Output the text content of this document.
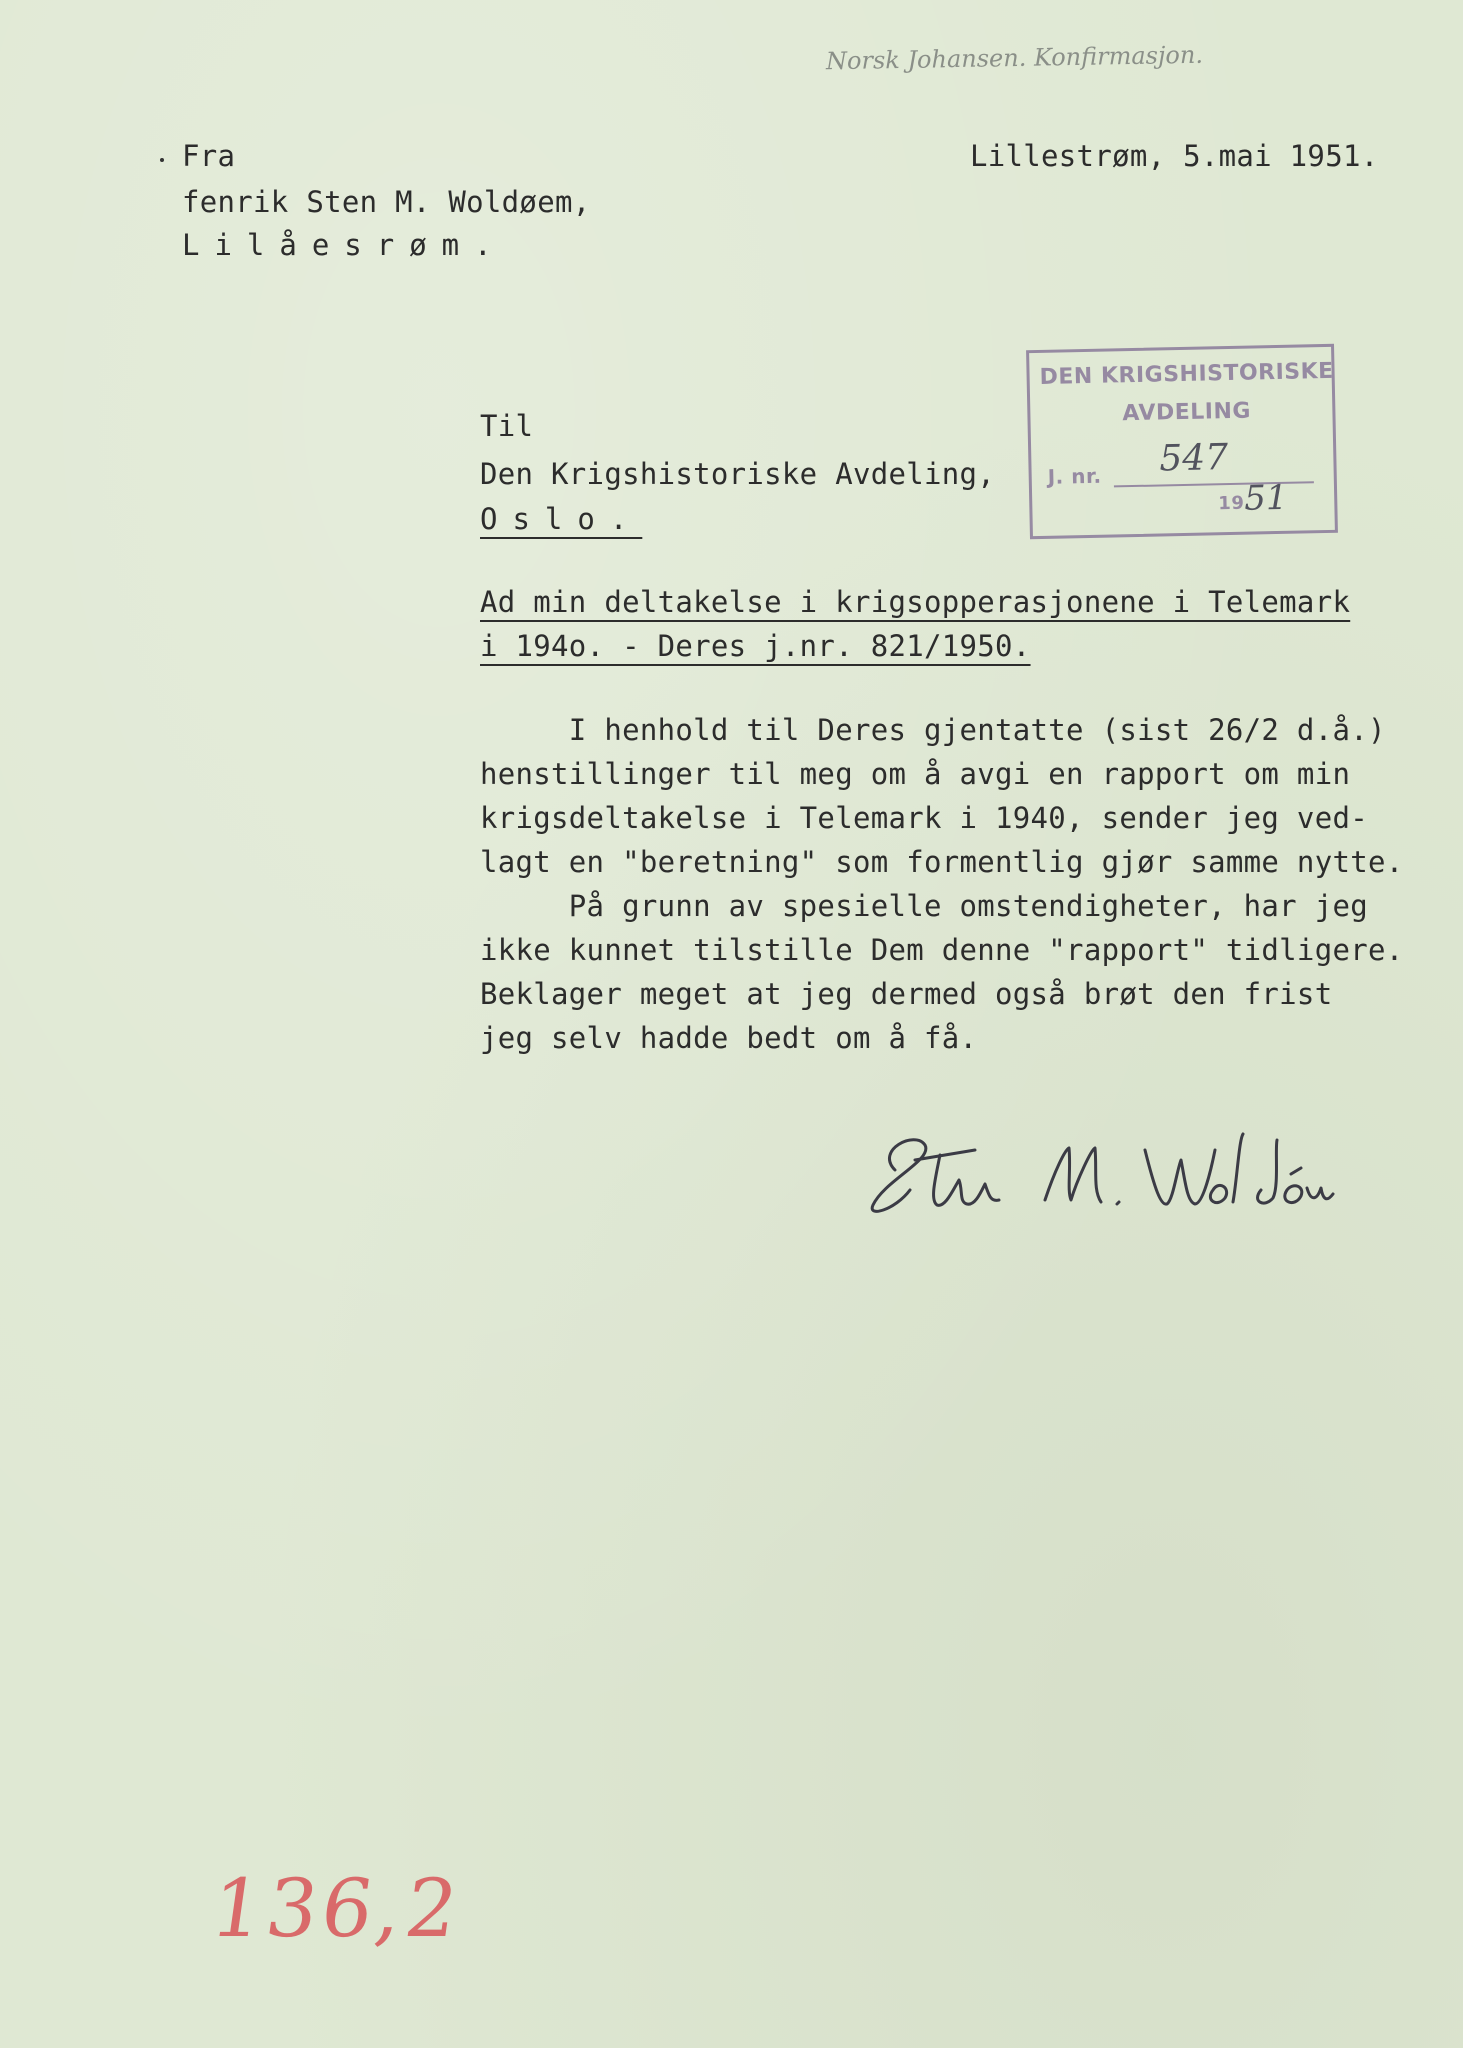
Norsk Johansen. Konfirmasjon.
Fra
fenrik Sten M. Woldøem,
Lilåesrøm.
Lillestrøm, 5.mai 1951.
DEN KRIGSHISTORISKE
AVDELING
J. nr. 547
19 51
Til
Den Krigshistoriske Avdeling,
Oslo.
Ad min deltakelse i krigsopperasjonene i Telemark
i 194o. - Deres j.nr. 821/1950.
I henhold til Deres gjentatte (sist 26/2 d.å.)
henstillinger til meg om å avgi en rapport om min
krigsdeltakelse i Telemark i 1940, sender jeg ved-
lagt en "beretning" som formentlig gjør samme nytte.
På grunn av spesielle omstendigheter, har jeg
ikke kunnet tilstille Dem denne "rapport" tidligere.
Beklager meget at jeg dermed også brøt den frist
jeg selv hadde bedt om å få.
Sten M. Woldøen
136,2
